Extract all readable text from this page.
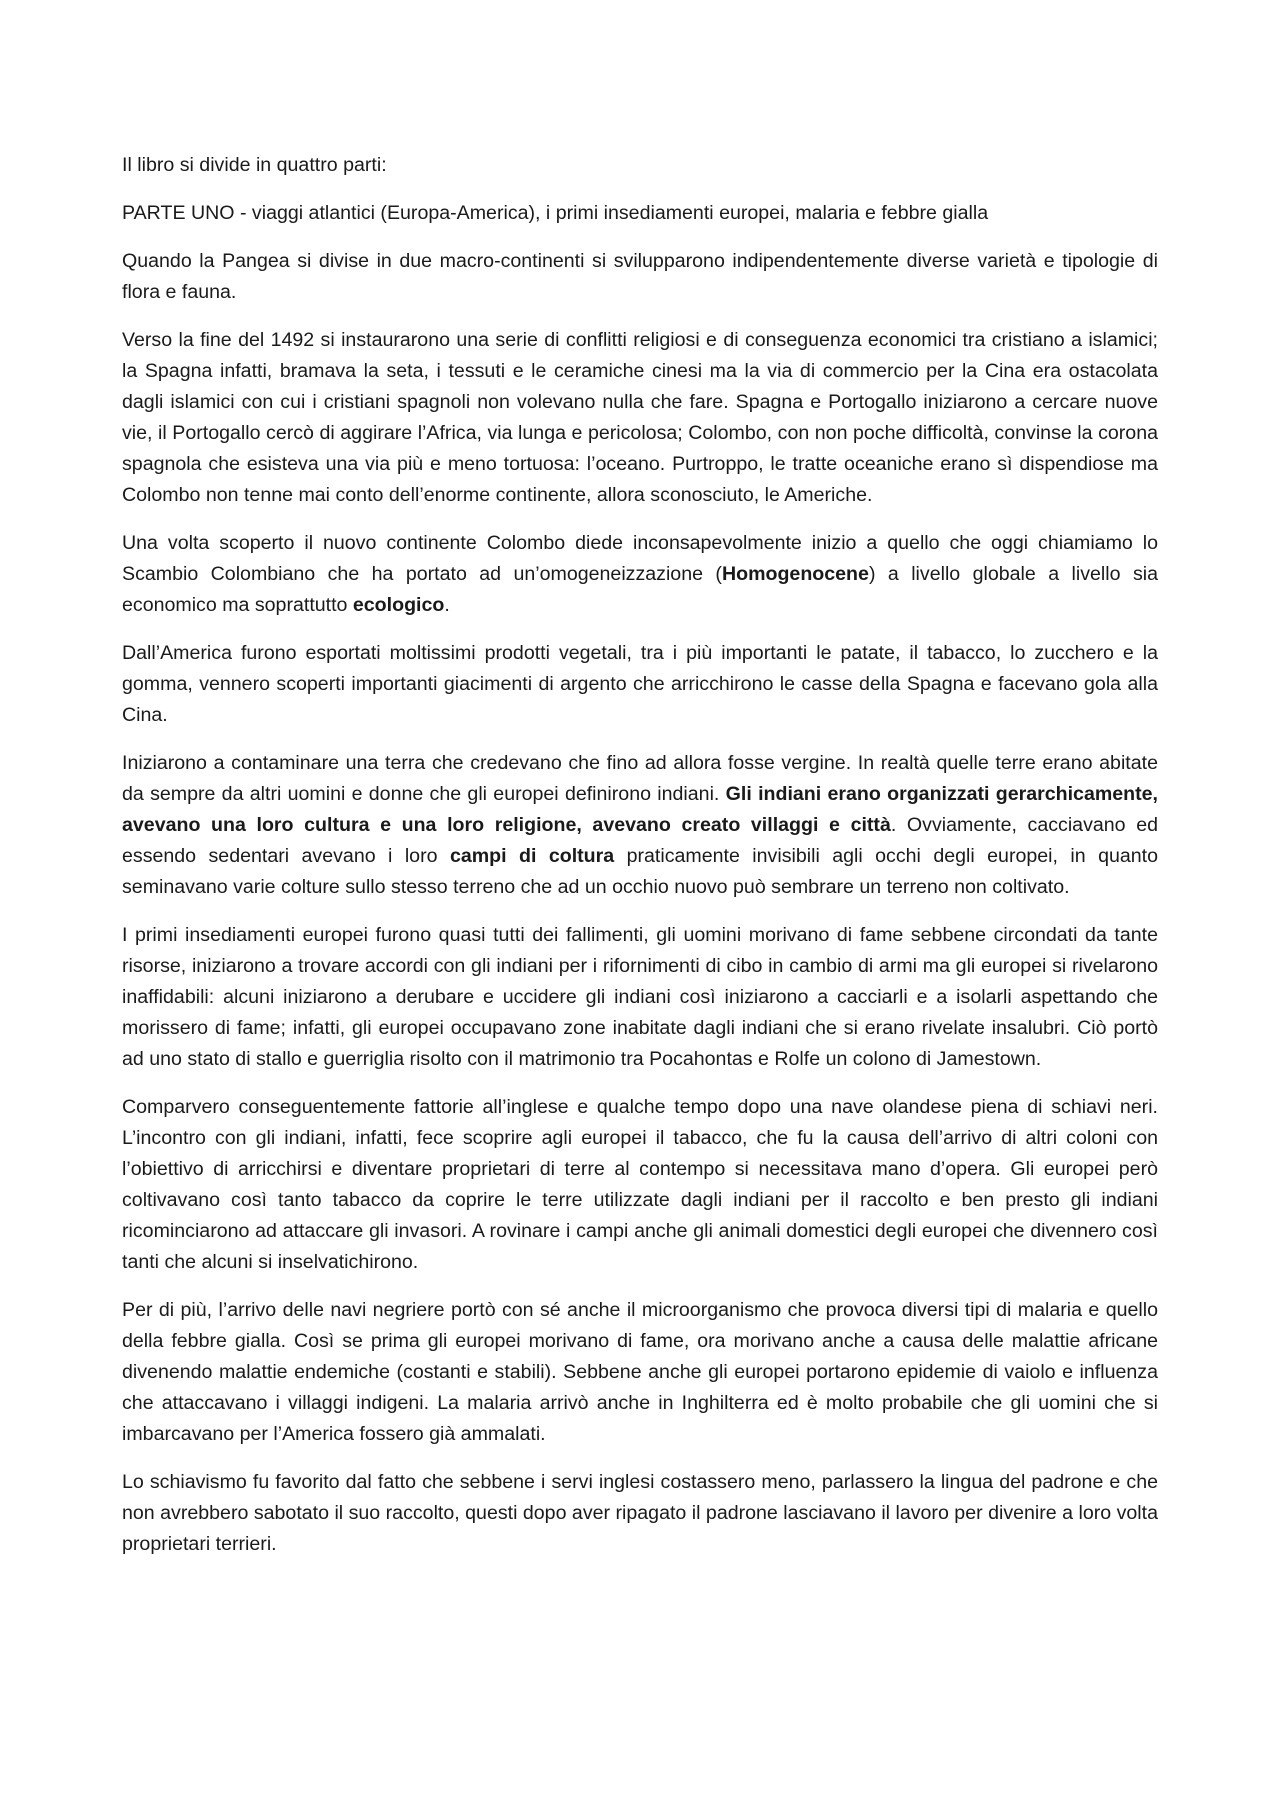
Il libro si divide in quattro parti:

PARTE UNO - viaggi atlantici (Europa-America), i primi insediamenti europei, malaria e febbre gialla

Quando la Pangea si divise in due macro-continenti si svilupparono indipendentemente diverse varietà e tipologie di flora e fauna.

Verso la fine del 1492 si instaurarono una serie di conflitti religiosi e di conseguenza economici tra cristiano a islamici; la Spagna infatti, bramava la seta, i tessuti e le ceramiche cinesi ma la via di commercio per la Cina era ostacolata dagli islamici con cui i cristiani spagnoli non volevano nulla che fare. Spagna e Portogallo iniziarono a cercare nuove vie, il Portogallo cercò di aggirare l’Africa, via lunga e pericolosa; Colombo, con non poche difficoltà, convinse la corona spagnola che esisteva una via più e meno tortuosa: l’oceano. Purtroppo, le tratte oceaniche erano sì dispendiose ma Colombo non tenne mai conto dell’enorme continente, allora sconosciuto, le Americhe.

Una volta scoperto il nuovo continente Colombo diede inconsapevolmente inizio a quello che oggi chiamiamo lo Scambio Colombiano che ha portato ad un’omogeneizzazione (Homogenocene) a livello globale a livello sia economico ma soprattutto ecologico.

Dall’America furono esportati moltissimi prodotti vegetali, tra i più importanti le patate, il tabacco, lo zucchero e la gomma, vennero scoperti importanti giacimenti di argento che arricchirono le casse della Spagna e facevano gola alla Cina.

Iniziarono a contaminare una terra che credevano che fino ad allora fosse vergine. In realtà quelle terre erano abitate da sempre da altri uomini e donne che gli europei definirono indiani. Gli indiani erano organizzati gerarchicamente, avevano una loro cultura e una loro religione, avevano creato villaggi e città. Ovviamente, cacciavano ed essendo sedentari avevano i loro campi di coltura praticamente invisibili agli occhi degli europei, in quanto seminavano varie colture sullo stesso terreno che ad un occhio nuovo può sembrare un terreno non coltivato.

I primi insediamenti europei furono quasi tutti dei fallimenti, gli uomini morivano di fame sebbene circondati da tante risorse, iniziarono a trovare accordi con gli indiani per i rifornimenti di cibo in cambio di armi ma gli europei si rivelarono inaffidabili: alcuni iniziarono a derubare e uccidere gli indiani così iniziarono a cacciarli e a isolarli aspettando che morissero di fame; infatti, gli europei occupavano zone inabitate dagli indiani che si erano rivelate insalubri. Ciò portò ad uno stato di stallo e guerriglia risolto con il matrimonio tra Pocahontas e Rolfe un colono di Jamestown.

Comparvero conseguentemente fattorie all’inglese e qualche tempo dopo una nave olandese piena di schiavi neri. L’incontro con gli indiani, infatti, fece scoprire agli europei il tabacco, che fu la causa dell’arrivo di altri coloni con l’obiettivo di arricchirsi e diventare proprietari di terre al contempo si necessitava mano d’opera. Gli europei però coltivavano così tanto tabacco da coprire le terre utilizzate dagli indiani per il raccolto e ben presto gli indiani ricominciarono ad attaccare gli invasori. A rovinare i campi anche gli animali domestici degli europei che divennero così tanti che alcuni si inselvatichirono.

Per di più, l’arrivo delle navi negriere portò con sé anche il microorganismo che provoca diversi tipi di malaria e quello della febbre gialla. Così se prima gli europei morivano di fame, ora morivano anche a causa delle malattie africane divenendo malattie endemiche (costanti e stabili). Sebbene anche gli europei portarono epidemie di vaiolo e influenza che attaccavano i villaggi indigeni. La malaria arrivò anche in Inghilterra ed è molto probabile che gli uomini che si imbarcavano per l’America fossero già ammalati.

Lo schiavismo fu favorito dal fatto che sebbene i servi inglesi costassero meno, parlassero la lingua del padrone e che non avrebbero sabotato il suo raccolto, questi dopo aver ripagato il padrone lasciavano il lavoro per divenire a loro volta proprietari terrieri.
